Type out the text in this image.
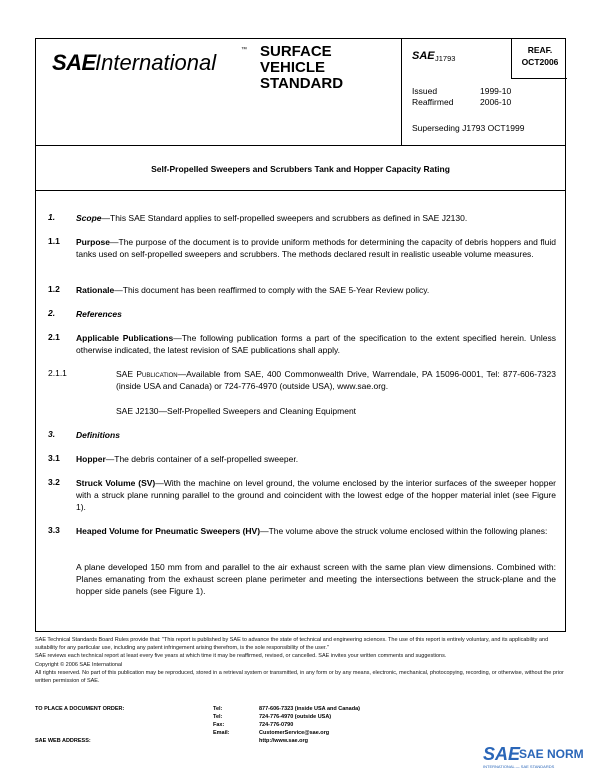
SAE International	™ SURFACE
VEHICLE
STANDARD
SAE J1793
Issued	1999-10
Reaffirmed	2006-10
Superseding J1793 OCT1999
REAF.
OCT2006
Self-Propelled Sweepers and Scrubbers Tank and Hopper Capacity Rating
1. Scope—This SAE Standard applies to self-propelled sweepers and scrubbers as defined in SAE J2130.
1.1 Purpose—The purpose of the document is to provide uniform methods for determining the capacity of debris hoppers and fluid tanks used on self-propelled sweepers and scrubbers. The methods declared result in realistic useable volume measures.
1.2 Rationale—This document has been reaffirmed to comply with the SAE 5-Year Review policy.
2. References
2.1 Applicable Publications—The following publication forms a part of the specification to the extent specified herein. Unless otherwise indicated, the latest revision of SAE publications shall apply.
2.1.1	SAE Publication—Available from SAE, 400 Commonwealth Drive, Warrendale, PA 15096-0001, Tel: 877-606-7323 (inside USA and Canada) or 724-776-4970 (outside USA), www.sae.org.
SAE J2130—Self-Propelled Sweepers and Cleaning Equipment
3. Definitions
3.1 Hopper—The debris container of a self-propelled sweeper.
3.2 Struck Volume (SV)—With the machine on level ground, the volume enclosed by the interior surfaces of the sweeper hopper with a struck plane running parallel to the ground and coincident with the lowest edge of the hopper material inlet (see Figure 1).
3.3 Heaped Volume for Pneumatic Sweepers (HV)—The volume above the struck volume enclosed within the following planes:
A plane developed 150 mm from and parallel to the air exhaust screen with the same plan view dimensions. Combined with: Planes emanating from the exhaust screen plane perimeter and meeting the intersections between the struck-plane and the hopper side panels (see Figure 1).

SAE Technical Standards Board Rules provide that: "This report is published by SAE to advance the state of technical and engineering sciences. The use of this report is entirely voluntary, and its applicability and suitability for any particular use, including any patent infringement arising therefrom, is the sole responsibility of the user."

SAE reviews each technical report at least every five years at which time it may be reaffirmed, revised, or cancelled. SAE invites your written comments and suggestions.

Copyright © 2006 SAE International

All rights reserved. No part of this publication may be reproduced, stored in a retrieval system or transmitted, in any form or by any means, electronic, mechanical, photocopying, recording, or otherwise, without the prior written permission of SAE.

TO PLACE A DOCUMENT ORDER:	Tel:	877-606-7323 (inside USA and Canada)
Tel:	724-776-4970 (outside USA)
Fax:	724-776-0790
Email:	CustomerService@sae.org
SAE WEB ADDRESS:	http://www.sae.org
SAE
SAE NORM
INTERNATIONAL — SAE STANDARDS
